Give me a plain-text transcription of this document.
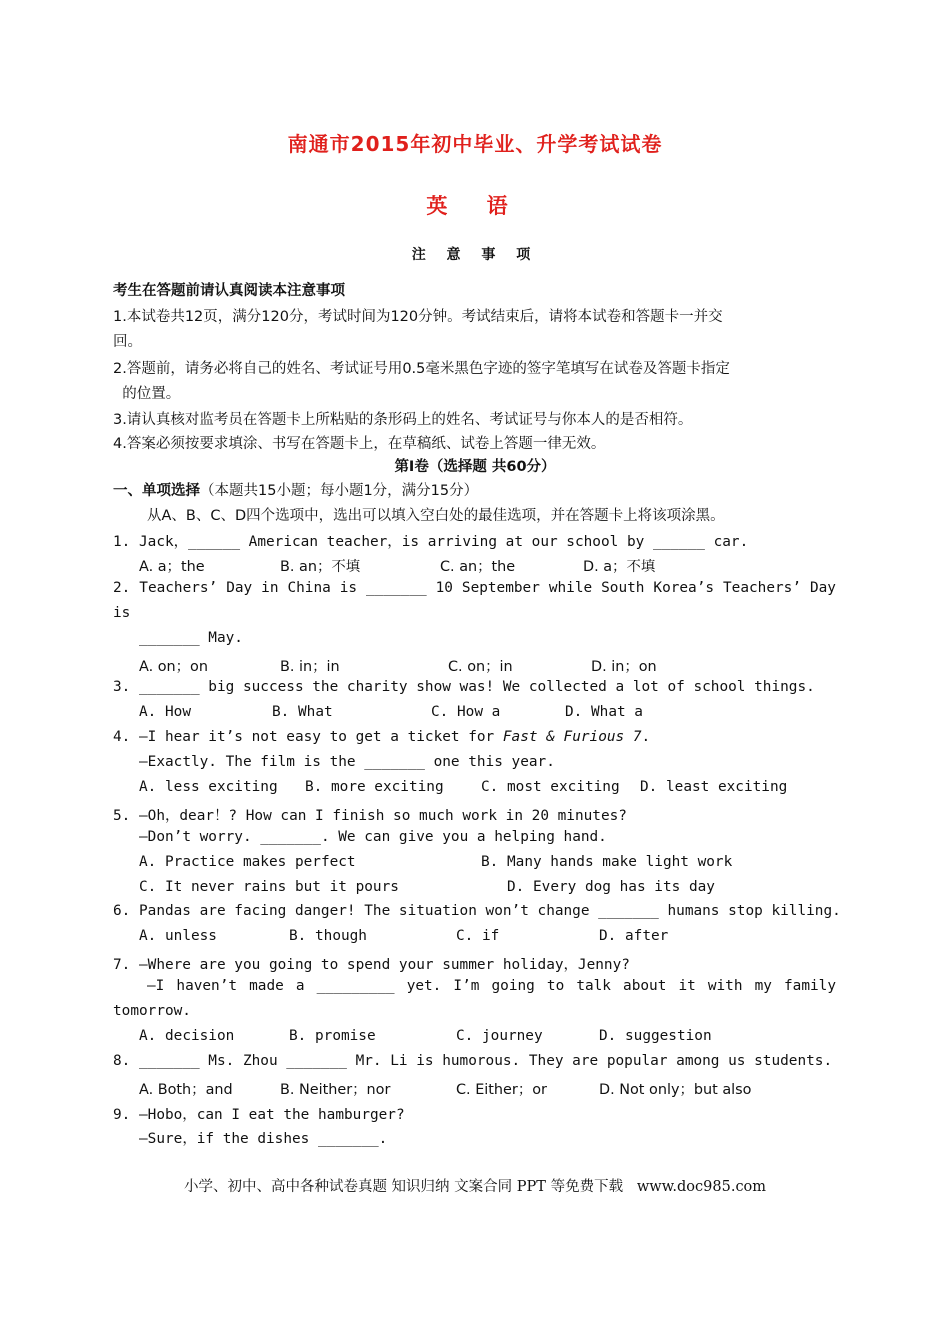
南通市2015年初中毕业、升学考试试卷
英 语
注 意 事 项
考生在答题前请认真阅读本注意事项
1.本试卷共12页，满分120分，考试时间为120分钟。考试结束后，请将本试卷和答题卡一并交
回。
2.答题前，请务必将自己的姓名、考试证号用0.5毫米黑色字迹的签字笔填写在试卷及答题卡指定
的位置。
3.请认真核对监考员在答题卡上所粘贴的条形码上的姓名、考试证号与你本人的是否相符。
4.答案必须按要求填涂、书写在答题卡上，在草稿纸、试卷上答题一律无效。
第Ⅰ卷（选择题 共60分）
一、单项选择（本题共15小题；每小题1分，满分15分）
从A、B、C、D四个选项中，选出可以填入空白处的最佳选项，并在答题卡上将该项涂黑。
1. Jack，______ American teacher，is arriving at our school by ______ car.
A. a；the	B. an；不填	C. an；the	D. a；不填
2. Teachers’ Day in China is _______ 10 September while South Korea’s Teachers’ Day
is
_______ May.
A. on；on	B. in；in	C. on；in	D. in；on
3. _______ big success the charity show was! We collected a lot of school things.
A. How	B. What	C. How a	D. What a
4. —I hear it’s not easy to get a ticket for Fast & Furious 7.
—Exactly. The film is the _______ one this year.
A. less exciting B. more exciting	C. most exciting D. least exciting
5. —Oh，dear！? How can I finish so much work in 20 minutes?
—Don’t worry. _______. We can give you a helping hand.
A. Practice makes perfect	B. Many hands make light work
C. It never rains but it pours	D. Every dog has its day
6. Pandas are facing danger! The situation won’t change _______ humans stop killing.
A. unless	B. though	C. if	D. after
7. —Where are you going to spend your summer holiday，Jenny?
—I haven’t made a _________ yet. I’m going to talk about it with my family
tomorrow.
A. decision	B. promise	C. journey	D. suggestion
8. _______ Ms. Zhou _______ Mr. Li is humorous. They are popular among us students.
A. Both；and	B. Neither；nor	C. Either；or	D. Not only；but also
9. —Hobo，can I eat the hamburger?
—Sure，if the dishes _______.
小学、初中、高中各种试卷真题 知识归纳 文案合同 PPT 等免费下载   www.doc985.com
